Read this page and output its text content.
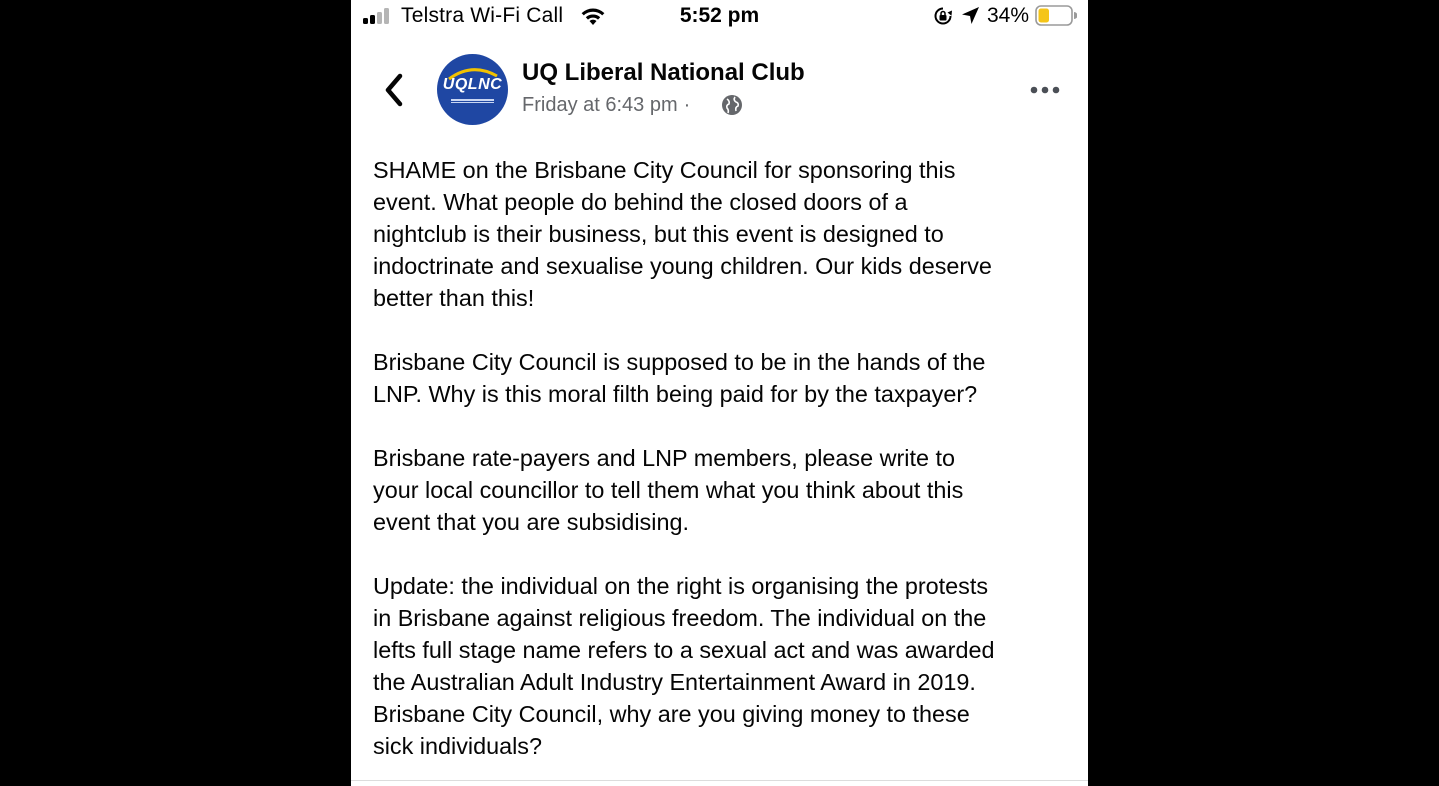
Telstra Wi-Fi Call	5:52 pm	34%
UQLNC UQ Liberal National Club
Friday at 6:43 pm ·

SHAME on the Brisbane City Council for sponsoring this
event. What people do behind the closed doors of a
nightclub is their business, but this event is designed to
indoctrinate and sexualise young children. Our kids deserve
better than this!

Brisbane City Council is supposed to be in the hands of the
LNP. Why is this moral filth being paid for by the taxpayer?

Brisbane rate-payers and LNP members, please write to
your local councillor to tell them what you think about this
event that you are subsidising.

Update: the individual on the right is organising the protests
in Brisbane against religious freedom. The individual on the
lefts full stage name refers to a sexual act and was awarded
the Australian Adult Industry Entertainment Award in 2019.
Brisbane City Council, why are you giving money to these
sick individuals?
